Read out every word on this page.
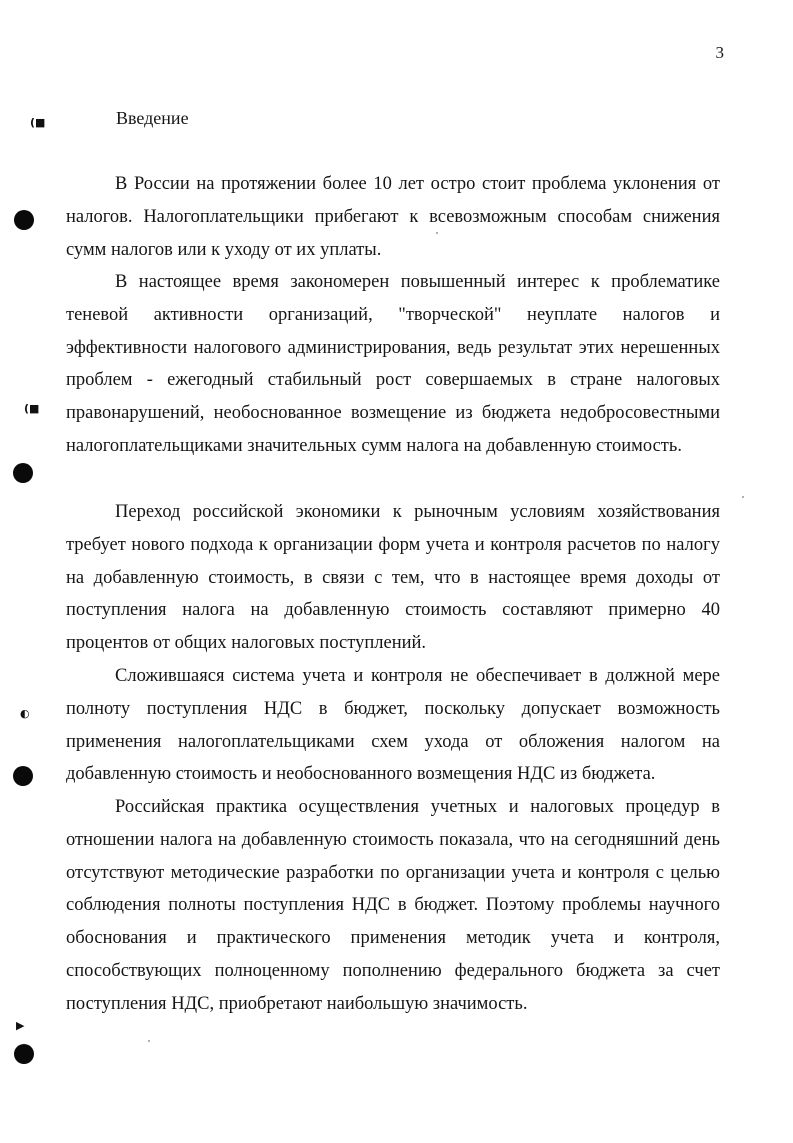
3
Введение

В России на протяжении более 10 лет остро стоит проблема уклонения от налогов. Налогоплательщики прибегают к всевозможным способам снижения сумм налогов или к уходу от их уплаты.

В настоящее время закономерен повышенный интерес к проблематике теневой активности организаций, "творческой" неуплате налогов и эффективности налогового администрирования, ведь результат этих нерешенных проблем - ежегодный стабильный рост совершаемых в стране налоговых правонарушений, необоснованное возмещение из бюджета недобросовестными налогоплательщиками значительных сумм налога на добавленную стоимость.

Переход российской экономики к рыночным условиям хозяйствования требует нового подхода к организации форм учета и контроля расчетов по налогу на добавленную стоимость, в связи с тем, что в настоящее время доходы от поступления налога на добавленную стоимость составляют примерно 40 процентов от общих налоговых поступлений.

Сложившаяся система учета и контроля не обеспечивает в должной мере полноту поступления НДС в бюджет, поскольку допускает возможность применения налогоплательщиками схем ухода от обложения налогом на добавленную стоимость и необоснованного возмещения НДС из бюджета.

Российская практика осуществления учетных и налоговых процедур в отношении налога на добавленную стоимость показала, что на сегодняшний день отсутствуют методические разработки по организации учета и контроля с целью соблюдения полноты поступления НДС в бюджет. Поэтому проблемы научного обоснования и практического применения методик учета и контроля, способствующих полноценному пополнению федерального бюджета за счет поступления НДС, приобретают наибольшую значимость.

(■
(■
◐
▶
